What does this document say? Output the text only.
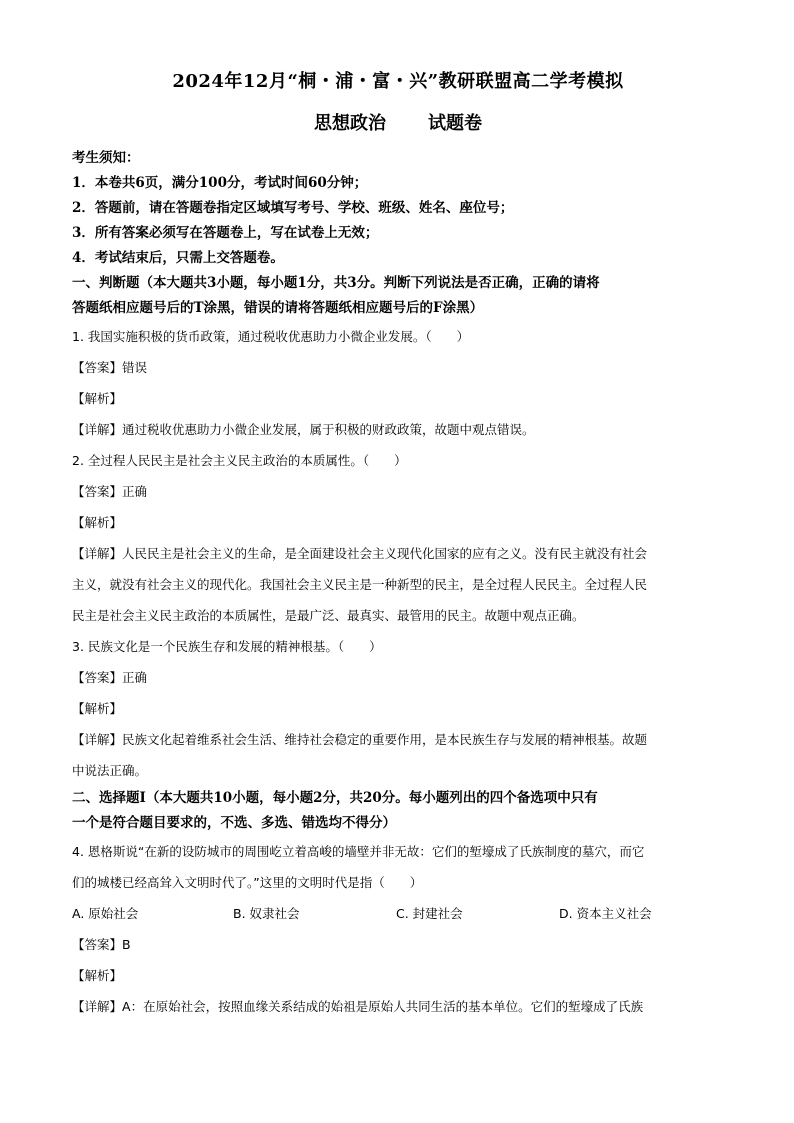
2024年12月“桐・浦・富・兴”教研联盟高二学考模拟
思想政治 试题卷
考生须知：
1．本卷共6页，满分100分，考试时间60分钟；
2．答题前，请在答题卷指定区域填写考号、学校、班级、姓名、座位号；
3．所有答案必须写在答题卷上，写在试卷上无效；
4．考试结束后，只需上交答题卷。
一、判断题（本大题共3小题，每小题1分，共3分。判断下列说法是否正确，正确的请将
答题纸相应题号后的T涂黑，错误的请将答题纸相应题号后的F涂黑）
1. 我国实施积极的货币政策，通过税收优惠助力小微企业发展。（　　）
【答案】错误
【解析】
【详解】通过税收优惠助力小微企业发展，属于积极的财政政策，故题中观点错误。
2. 全过程人民民主是社会主义民主政治的本质属性。（　　）
【答案】正确
【解析】
【详解】人民民主是社会主义的生命，是全面建设社会主义现代化国家的应有之义。没有民主就没有社会
主义，就没有社会主义的现代化。我国社会主义民主是一种新型的民主，是全过程人民民主。全过程人民
民主是社会主义民主政治的本质属性，是最广泛、最真实、最管用的民主。故题中观点正确。
3. 民族文化是一个民族生存和发展的精神根基。（　　）
【答案】正确
【解析】
【详解】民族文化起着维系社会生活、维持社会稳定的重要作用，是本民族生存与发展的精神根基。故题
中说法正确。
二、选择题Ⅰ（本大题共10小题，每小题2分，共20分。每小题列出的四个备选项中只有
一个是符合题目要求的，不选、多选、错选均不得分）
4. 恩格斯说“在新的设防城市的周围屹立着高峻的墙壁并非无故：它们的堑壕成了氏族制度的墓穴，而它
们的城楼已经高耸入文明时代了。”这里的文明时代是指（　　）
A. 原始社会	B. 奴隶社会	C. 封建社会	D. 资本主义社会
【答案】B
【解析】
【详解】A：在原始社会，按照血缘关系结成的始祖是原始人共同生活的基本单位。它们的堑壕成了氏族
